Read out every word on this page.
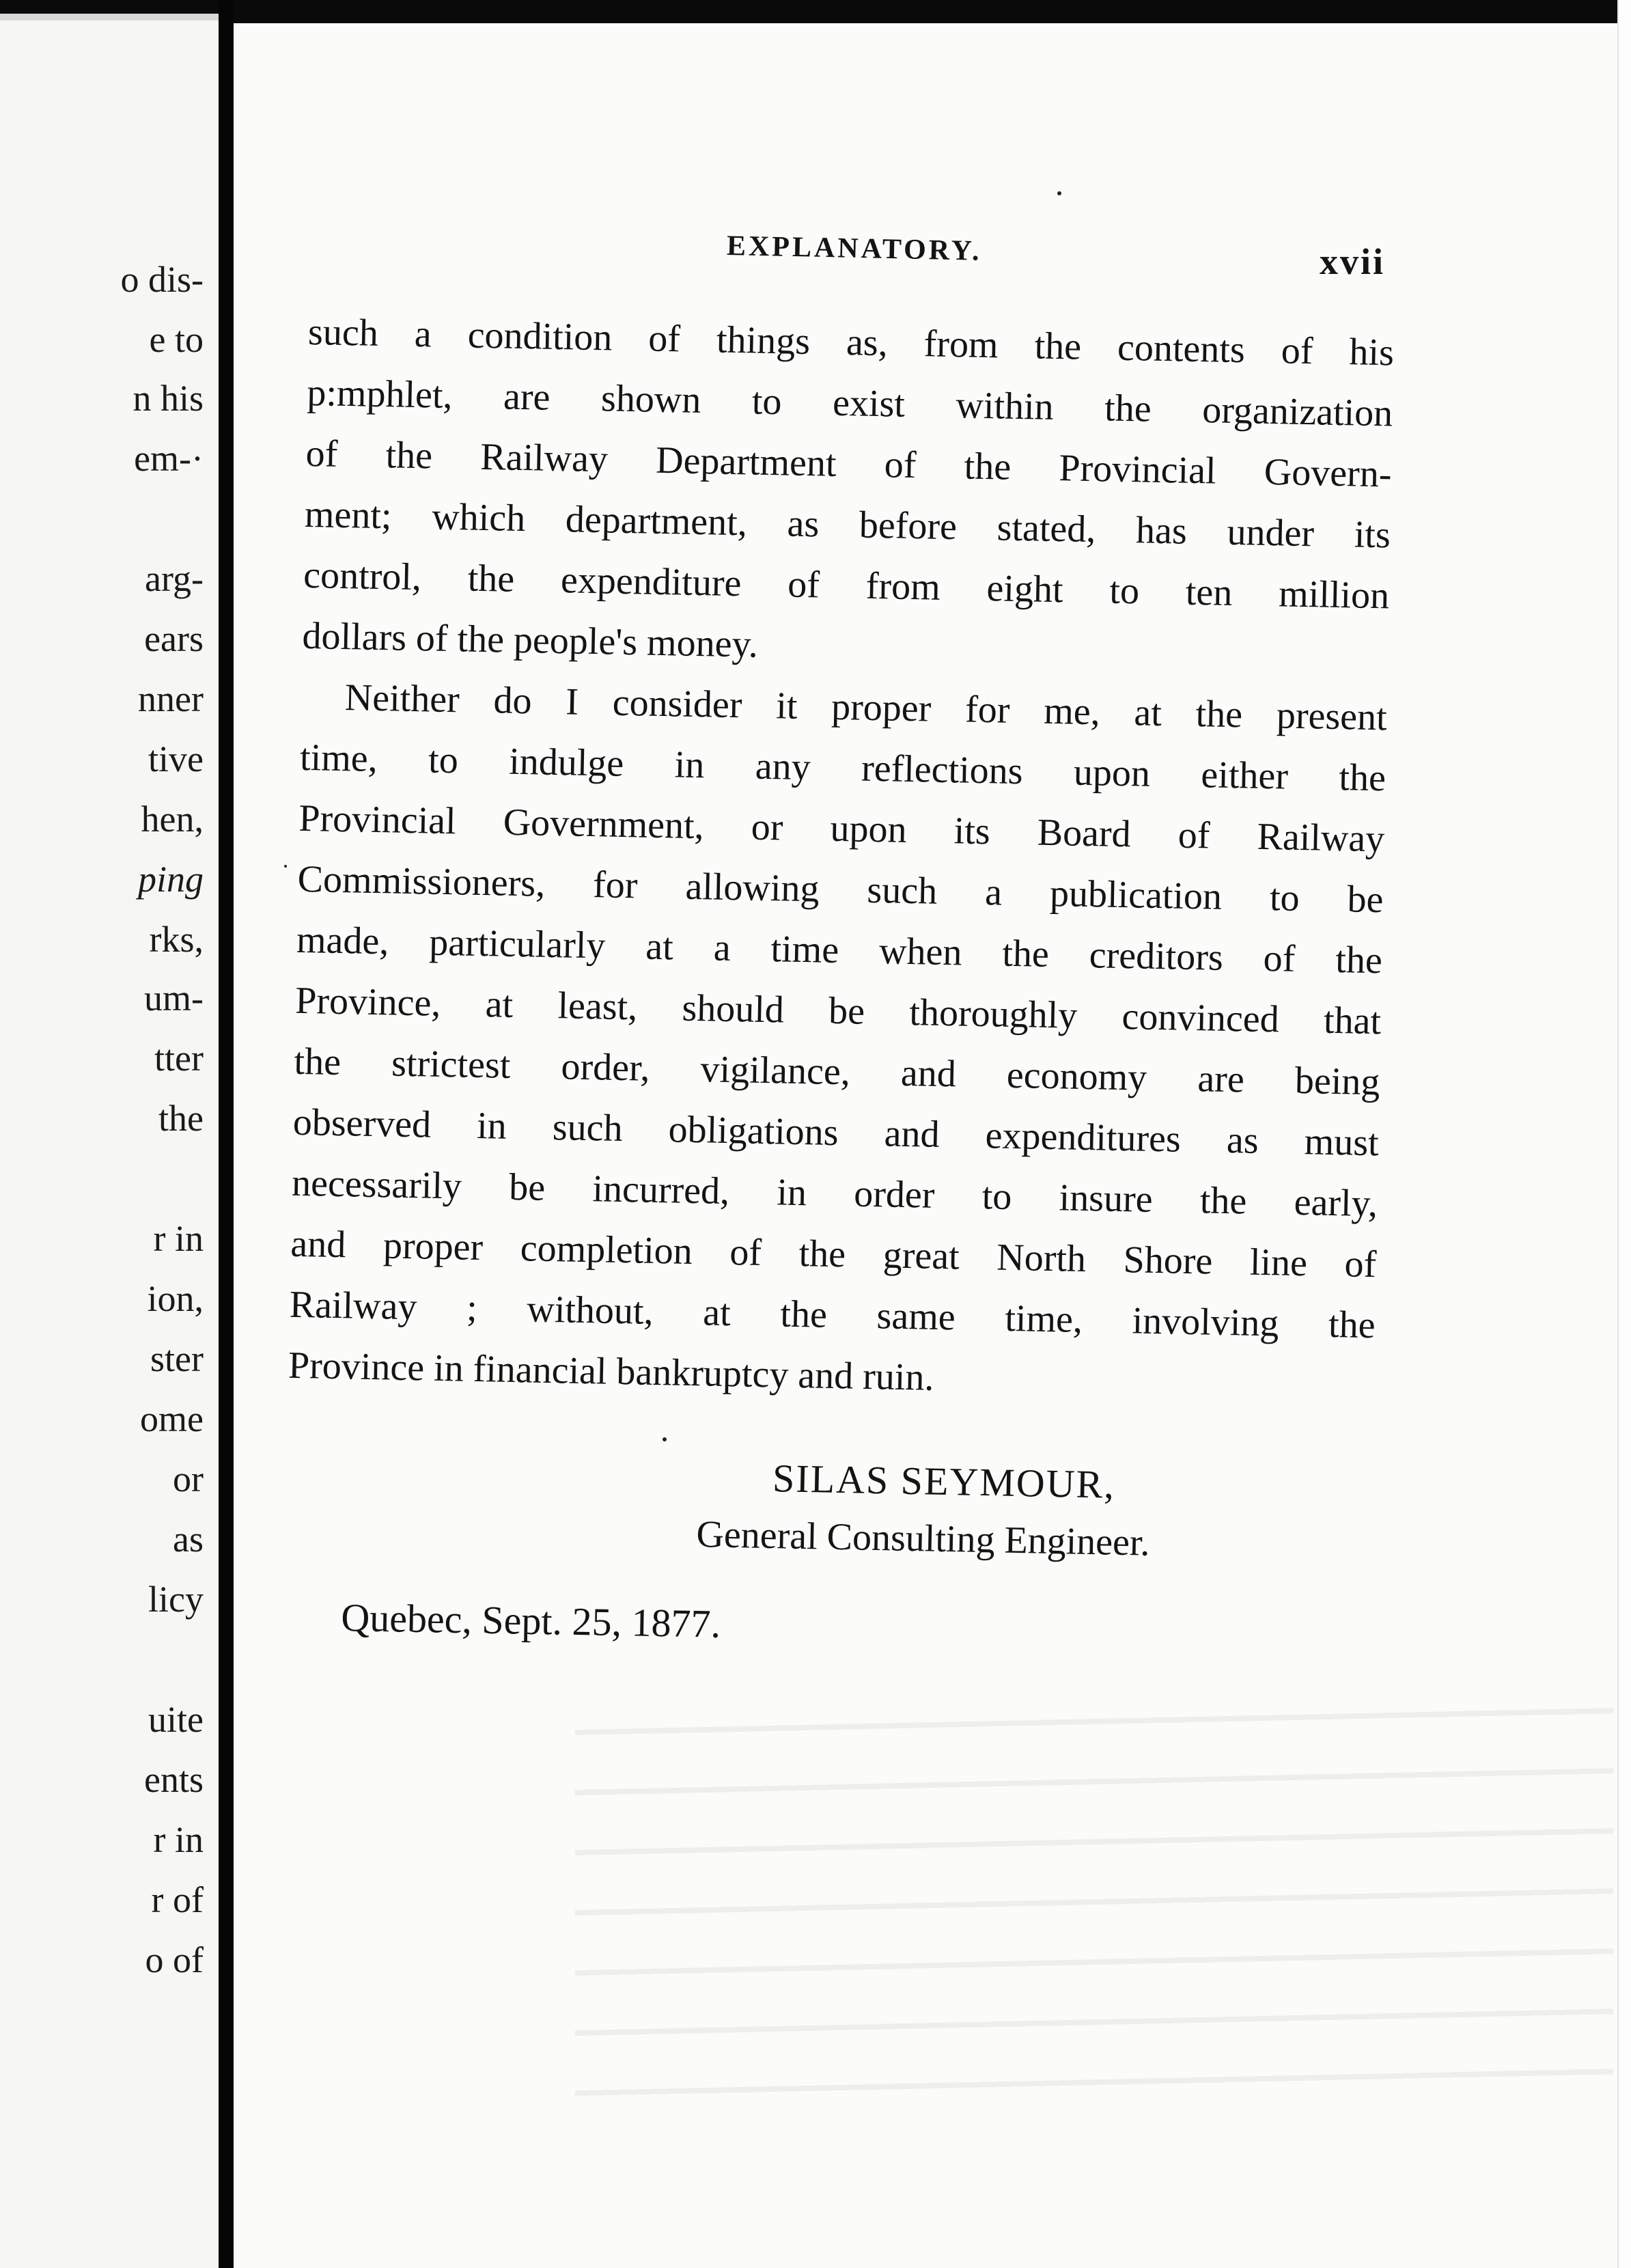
o dis-
e to
n his
em-·
arg-
ears
nner
tive
hen,
ping
rks,
um-
tter
the
r in
ion,
ster
ome
or
as
licy
uite
ents
r in
r of
o of
EXPLANATORY.	xvii
such a condition of things as, from the contents of his
p:mphlet, are shown to exist within the organization
of the Railway Department of the Provincial Govern-
ment; which department, as before stated, has under its
control, the expenditure of from eight to ten million
dollars of the people's money.
Neither do I consider it proper for me, at the present
time, to indulge in any reflections upon either the
Provincial Government, or upon its Board of Railway
Commissioners, for allowing such a publication to be
made, particularly at a time when the creditors of the
Province, at least, should be thoroughly convinced that
the strictest order, vigilance, and economy are being
observed in such obligations and expenditures as must
necessarily be incurred, in order to insure the early,
and proper completion of the great North Shore line of
Railway ; without, at the same time, involving the
Province in financial bankruptcy and ruin.
SILAS SEYMOUR,
General Consulting Engineer.
Quebec, Sept. 25, 1877.
